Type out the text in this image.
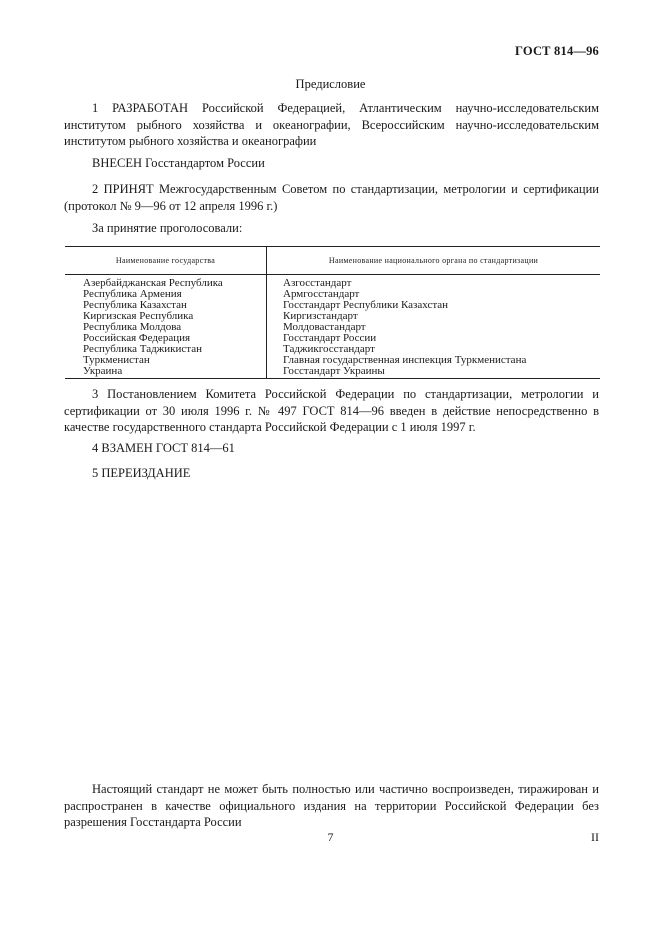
ГОСТ 814—96
Предисловие

1 РАЗРАБОТАН Российской Федерацией, Атлантическим научно-исследовательским институтом рыбного хозяйства и океанографии, Всероссийским научно-исследовательским институтом рыбного хозяйства и океанографии

ВНЕСЕН Госстандартом России

2 ПРИНЯТ Межгосударственным Советом по стандартизации, метрологии и сертификации (протокол № 9—96 от 12 апреля 1996 г.)

За принятие проголосовали:

Наименование государства	Наименование национального органа по стандартизации
Азербайджанская Республика	Азгосстандарт
Республика Армения	Армгосстандарт
Республика Казахстан	Госстандарт Республики Казахстан
Киргизская Республика	Киргизстандарт
Республика Молдова	Молдовастандарт
Российская Федерация	Госстандарт России
Республика Таджикистан	Таджикгосстандарт
Туркменистан	Главная государственная инспекция Туркменистана
Украина	Госстандарт Украины

3 Постановлением Комитета Российской Федерации по стандартизации, метрологии и сертификации от 30 июля 1996 г. № 497 ГОСТ 814—96 введен в действие непосредственно в качестве государственного стандарта Российской Федерации с 1 июля 1997 г.

4 ВЗАМЕН ГОСТ 814—61

5 ПЕРЕИЗДАНИЕ

Настоящий стандарт не может быть полностью или частично воспроизведен, тиражирован и распространен в качестве официального издания на территории Российской Федерации без разрешения Госстандарта России

7	II
